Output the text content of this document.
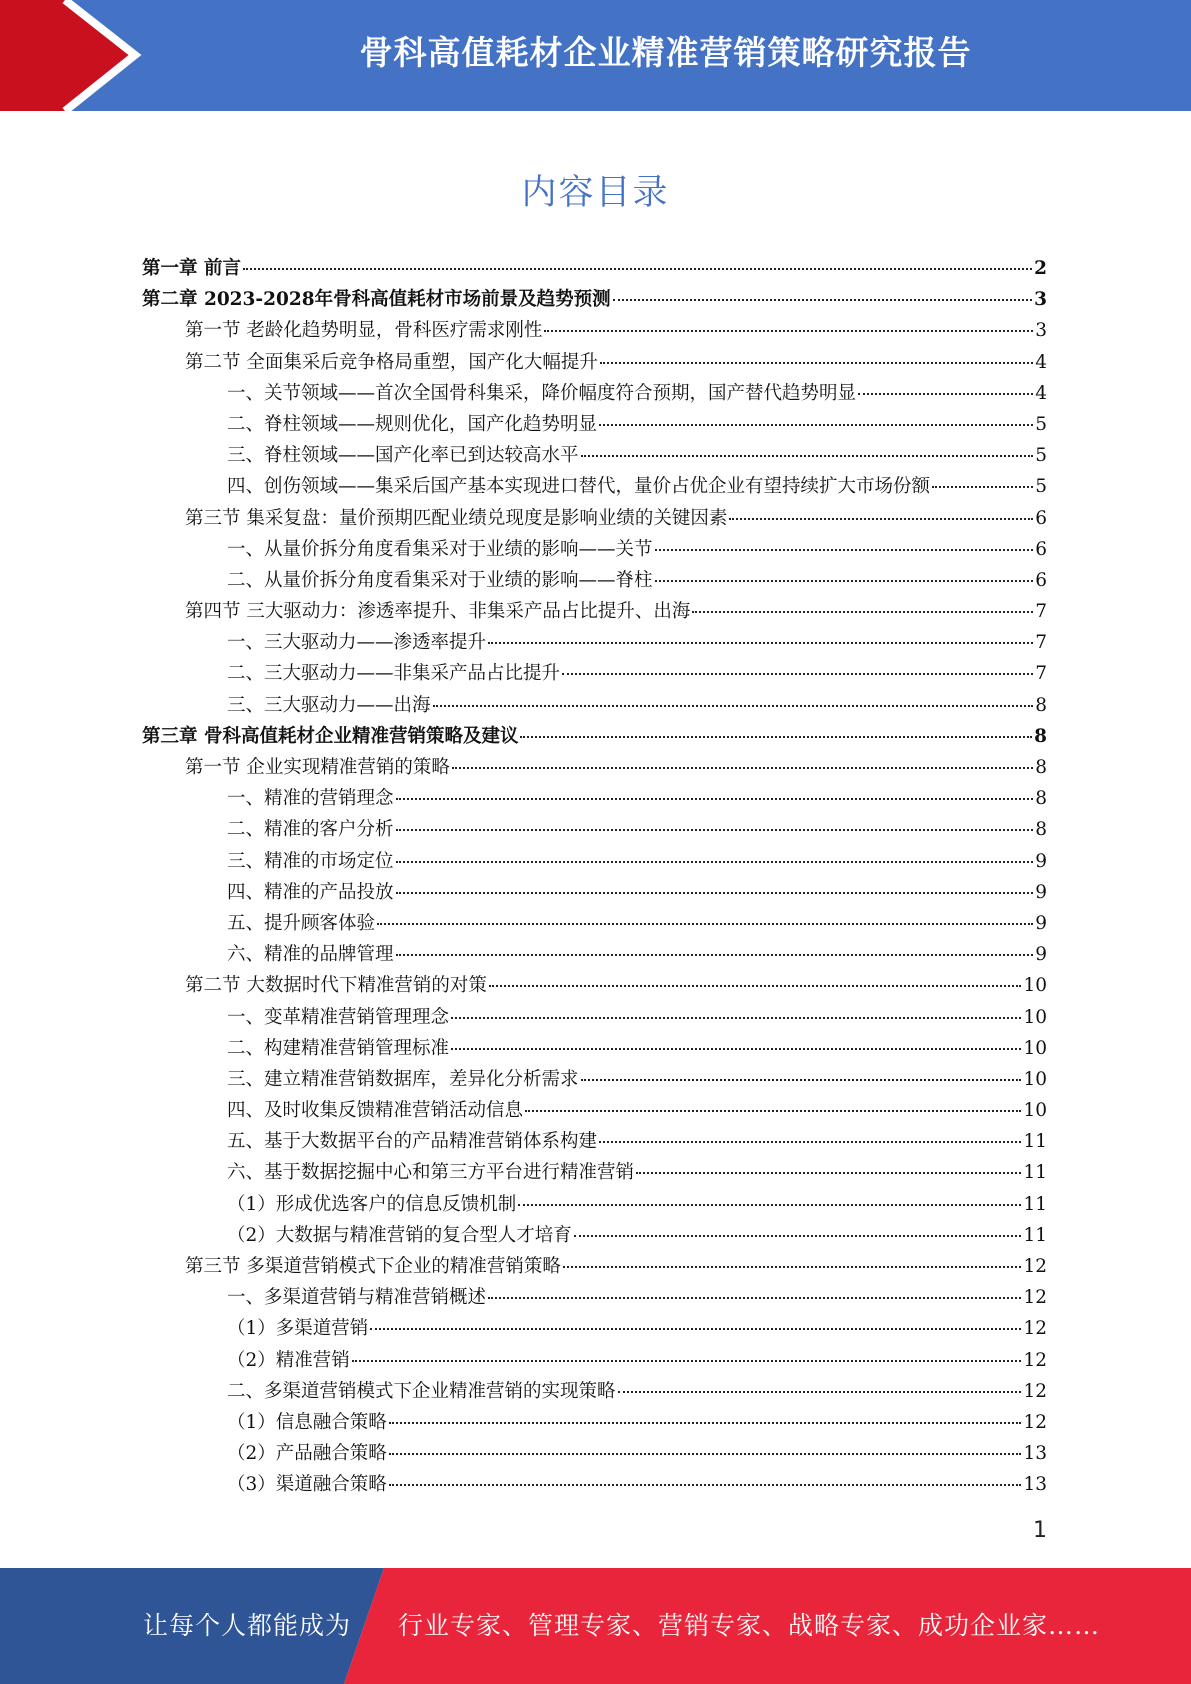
骨科高值耗材企业精准营销策略研究报告
内容目录
第一章 前言	2
第二章 2023-2028年骨科高值耗材市场前景及趋势预测	3
第一节 老龄化趋势明显，骨科医疗需求刚性	3
第二节 全面集采后竞争格局重塑，国产化大幅提升	4
一、关节领域——首次全国骨科集采，降价幅度符合预期，国产替代趋势明显	4
二、脊柱领域——规则优化，国产化趋势明显	5
三、脊柱领域——国产化率已到达较高水平	5
四、创伤领域——集采后国产基本实现进口替代，量价占优企业有望持续扩大市场份额	5
第三节 集采复盘：量价预期匹配业绩兑现度是影响业绩的关键因素	6
一、从量价拆分角度看集采对于业绩的影响——关节	6
二、从量价拆分角度看集采对于业绩的影响——脊柱	6
第四节 三大驱动力：渗透率提升、非集采产品占比提升、出海	7
一、三大驱动力——渗透率提升	7
二、三大驱动力——非集采产品占比提升	7
三、三大驱动力——出海	8
第三章 骨科高值耗材企业精准营销策略及建议	8
第一节 企业实现精准营销的策略	8
一、精准的营销理念	8
二、精准的客户分析	8
三、精准的市场定位	9
四、精准的产品投放	9
五、提升顾客体验	9
六、精准的品牌管理	9
第二节 大数据时代下精准营销的对策	10
一、变革精准营销管理理念	10
二、构建精准营销管理标准	10
三、建立精准营销数据库，差异化分析需求	10
四、及时收集反馈精准营销活动信息	10
五、基于大数据平台的产品精准营销体系构建	11
六、基于数据挖掘中心和第三方平台进行精准营销	11
（1）形成优选客户的信息反馈机制	11
（2）大数据与精准营销的复合型人才培育	11
第三节 多渠道营销模式下企业的精准营销策略	12
一、多渠道营销与精准营销概述	12
（1）多渠道营销	12
（2）精准营销	12
二、多渠道营销模式下企业精准营销的实现策略	12
（1）信息融合策略	12
（2）产品融合策略	13
（3）渠道融合策略	13
1
让每个人都能成为 行业专家、管理专家、营销专家、战略专家、成功企业家……
